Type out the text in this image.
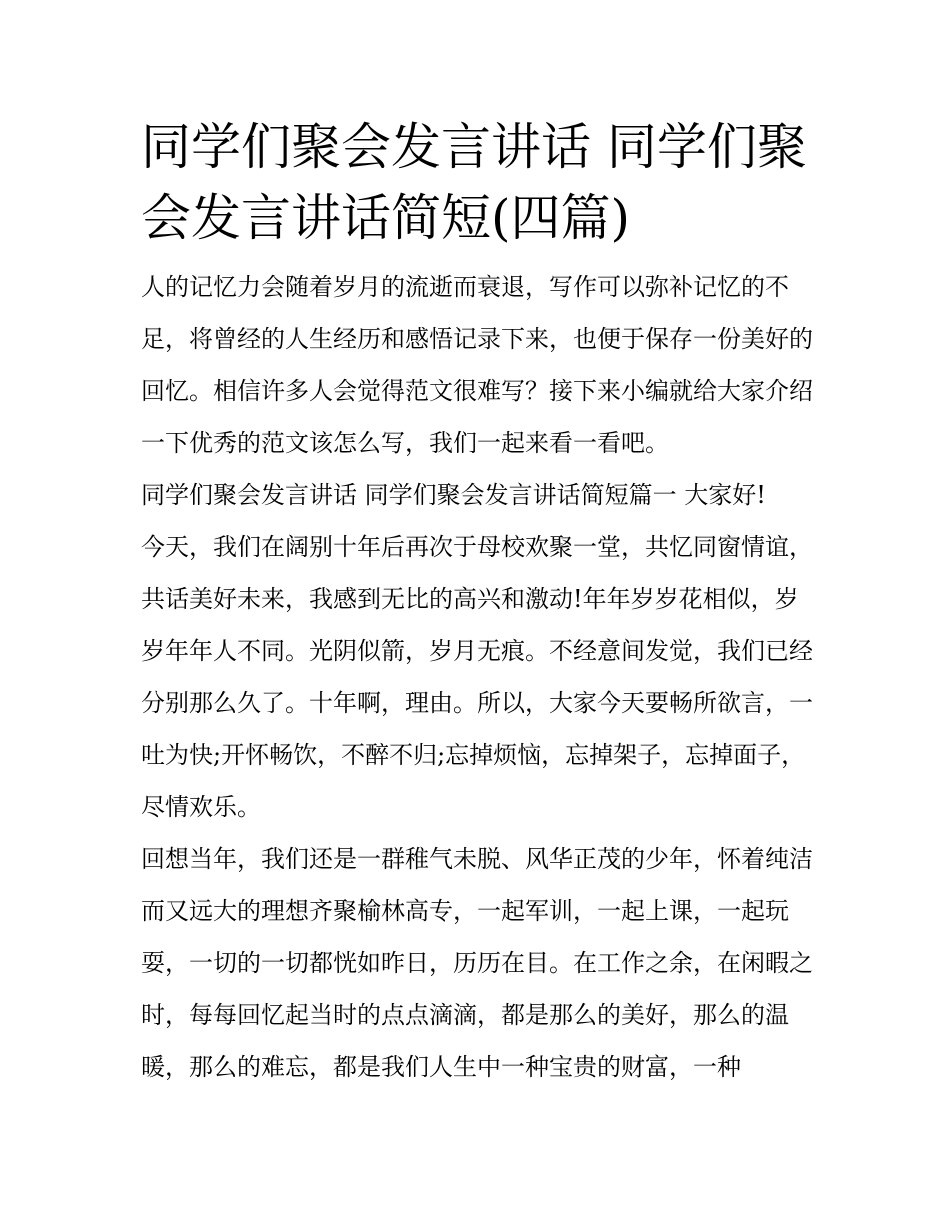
同学们聚会发言讲话 同学们聚会发言讲话简短(四篇)

人的记忆力会随着岁月的流逝而衰退，写作可以弥补记忆的不足，将曾经的人生经历和感悟记录下来，也便于保存一份美好的回忆。相信许多人会觉得范文很难写？接下来小编就给大家介绍一下优秀的范文该怎么写，我们一起来看一看吧。

同学们聚会发言讲话 同学们聚会发言讲话简短篇一 大家好!

今天，我们在阔别十年后再次于母校欢聚一堂，共忆同窗情谊，共话美好未来，我感到无比的高兴和激动!年年岁岁花相似，岁岁年年人不同。光阴似箭，岁月无痕。不经意间发觉，我们已经分别那么久了。十年啊，理由。所以，大家今天要畅所欲言，一吐为快;开怀畅饮，不醉不归;忘掉烦恼，忘掉架子，忘掉面子，尽情欢乐。

回想当年，我们还是一群稚气未脱、风华正茂的少年，怀着纯洁而又远大的理想齐聚榆林高专，一起军训，一起上课，一起玩耍，一切的一切都恍如昨日，历历在目。在工作之余，在闲暇之时，每每回忆起当时的点点滴滴，都是那么的美好，那么的温暖，那么的难忘，都是我们人生中一种宝贵的财富，一种
